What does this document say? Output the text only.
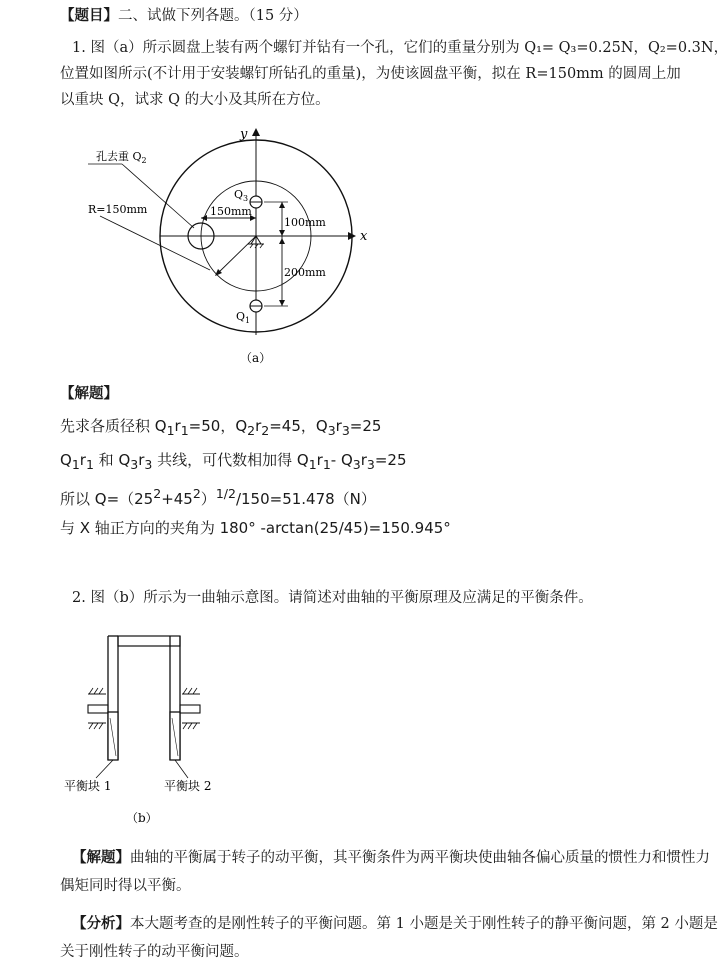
【题目】二、试做下列各题。（15 分）
1. 图（a）所示圆盘上装有两个螺钉并钻有一个孔，它们的重量分别为 Q₁= Q₃=0.25N，Q₂=0.3N，
位置如图所示(不计用于安装螺钉所钻孔的重量)，为使该圆盘平衡，拟在 R=150mm 的圆周上加
以重块 Q，试求 Q 的大小及其所在方位。
x
y
150mm
100mm
200mm
孔去重 $Q_2$
R=150mm
$Q_3$
$Q_1$
（a）
【解题】
先求各质径积 $Q_1r_1=50$，$Q_2r_2=45$，$Q_3r_3=25$
$Q_1r_1$ 和 $Q_3r_3$ 共线，可代数相加得 $Q_1r_1-$ $Q_3r_3=25$
所以 $Q=(25^2+45^2)^{1/2}/150=51.478(N)$
与 X 轴正方向的夹角为 180° -arctan(25/45)=150.945°
2. 图（b）所示为一曲轴示意图。请简述对曲轴的平衡原理及应满足的平衡条件。
平衡块 1	平衡块 2
（b）
【解题】曲轴的平衡属于转子的动平衡，其平衡条件为两平衡块使曲轴各偏心质量的惯性力和惯性力
偶矩同时得以平衡。
【分析】本大题考查的是刚性转子的平衡问题。第 1 小题是关于刚性转子的静平衡问题，第 2 小题是
关于刚性转子的动平衡问题。
